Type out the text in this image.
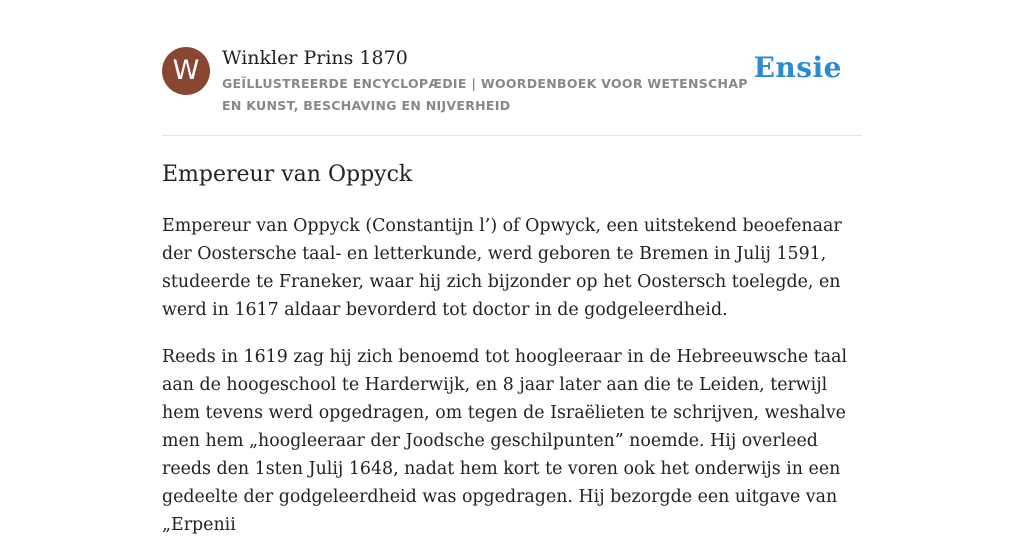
W	Winkler Prins 1870
GEÏLLUSTREERDE ENCYCLOPÆDIE | WOORDENBOEK VOOR WETENSCHAP EN KUNST, BESCHAVING EN NIJVERHEID
Ensie
Empereur van Oppyck

Empereur van Oppyck (Constantijn l’) of Opwyck, een uitstekend beoefenaar der Oostersche taal- en letterkunde, werd geboren te Bremen in Julij 1591, studeerde te Franeker, waar hij zich bijzonder op het Oostersch toelegde, en werd in 1617 aldaar bevorderd tot doctor in de godgeleerdheid.

Reeds in 1619 zag hij zich benoemd tot hoogleeraar in de Hebreeuwsche taal aan de hoogeschool te Harderwijk, en 8 jaar later aan die te Leiden, terwijl hem tevens werd opgedragen, om tegen de Israëlieten te schrijven, weshalve men hem „hoogleeraar der Joodsche geschilpunten” noemde. Hij overleed reeds den 1sten Julij 1648, nadat hem kort te voren ook het onderwijs in een gedeelte der godgeleerdheid was opgedragen. Hij bezorgde een uitgave van „Erpenii
